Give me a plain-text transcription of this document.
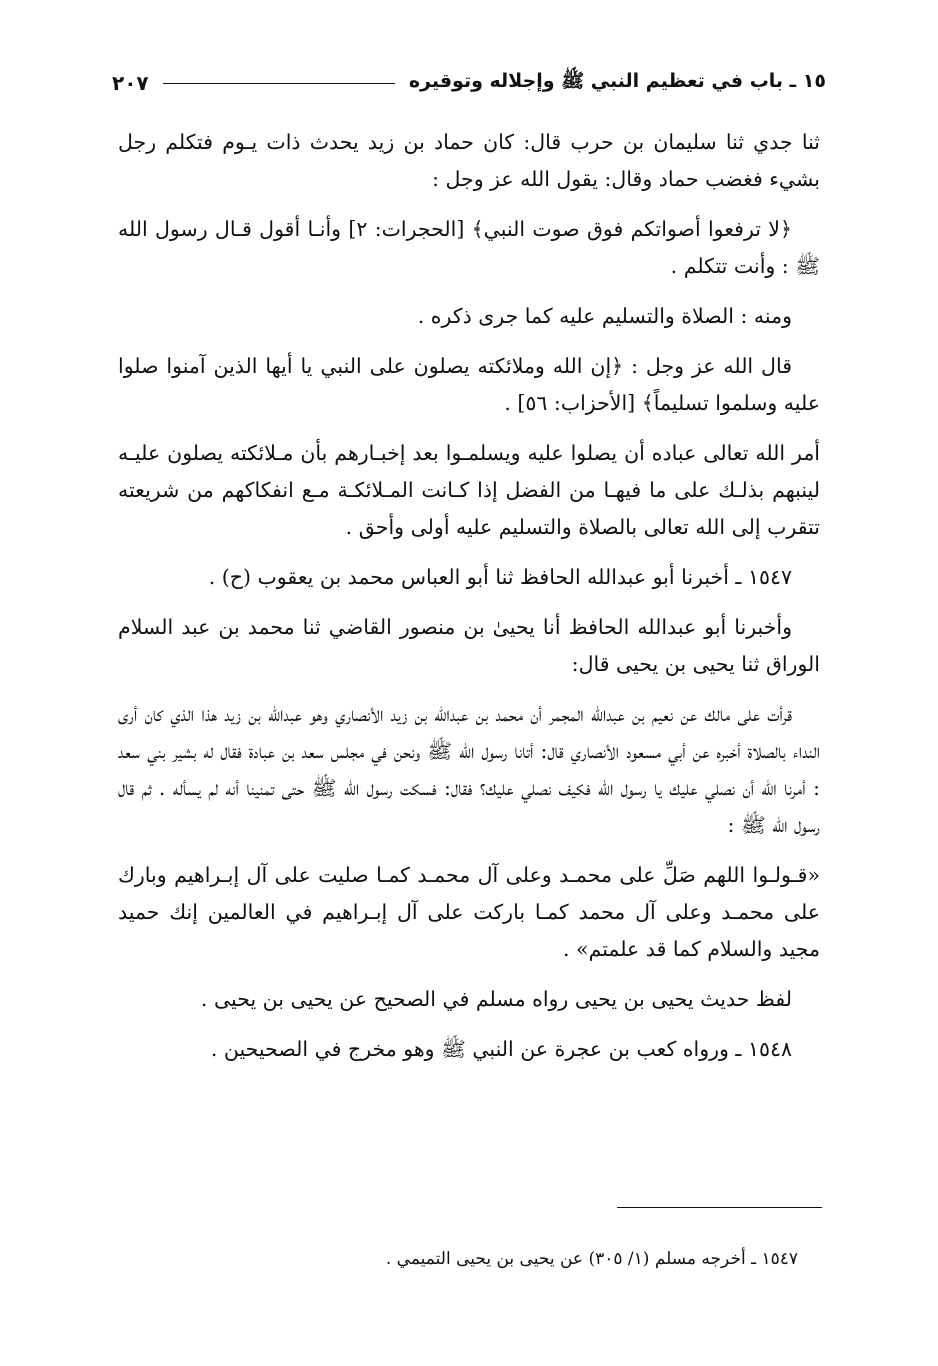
١٥ ـ باب في تعظيم النبي ﷺ وإجلاله وتوقيره
٢٠٧

ثنا جدي ثنا سليمان بن حرب قال: كان حماد بن زيد يحدث ذات يـوم فتكلم رجل بشيء فغضب حماد وقال: يقول الله عز وجل :

﴿لا ترفعوا أصواتكم فوق صوت النبي﴾ [الحجرات: ٢] وأنـا أقول قـال رسول الله ﷺ : وأنت تتكلم .

ومنه : الصلاة والتسليم عليه كما جرى ذكره .

قال الله عز وجل : ﴿إن الله وملائكته يصلون على النبي يا أيها الذين آمنوا صلوا عليه وسلموا تسليماً﴾ [الأحزاب: ٥٦] .

أمر الله تعالى عباده أن يصلوا عليه ويسلمـوا بعد إخبـارهم بأن مـلائكته يصلون عليـه لينبهم بذلـك على ما فيهـا من الفضل إذا كـانت المـلائكـة مـع انفكاكهم من شريعته تتقرب إلى الله تعالى بالصلاة والتسليم عليه أولى وأحق .

١٥٤٧ ـ أخبرنا أبو عبدالله الحافظ ثنا أبو العباس محمد بن يعقوب (ح) .

وأخبرنا أبو عبدالله الحافظ أنا يحيىٰ بن منصور القاضي ثنا محمد بن عبد السلام الوراق ثنا يحيى بن يحيى قال:

قرأت على مالك عن نعيم بن عبدالله المجمر أن محمد بن عبدالله بن زيد الأنصاري وهو عبدالله بن زيد هذا الذي كان أرى النداء بالصلاة أخبره عن أبي مسعود الأنصاري قال: أتانا رسول الله ﷺ ونحن في مجلس سعد بن عبادة فقال له بشير بني سعد : أمرنا الله أن نصلي عليك يا رسول الله فكيف نصلي عليك؟ فقال: فسكت رسول الله ﷺ حتى تمنينا أنه لم يسأله . ثم قال رسول الله ﷺ :

«قـولـوا اللهم صَلِّ على محمـد وعلى آل محمـد كمـا صليت على آل إبـراهيم وبارك على محمـد وعلى آل محمد كمـا باركت على آل إبـراهيم في العالمين إنك حميد مجيد والسلام كما قد علمتم» .

لفظ حديث يحيى بن يحيى رواه مسلم في الصحيح عن يحيى بن يحيى .

١٥٤٨ ـ ورواه كعب بن عجرة عن النبي ﷺ وهو مخرج في الصحيحين .

١٥٤٧ ـ أخرجه مسلم (١/ ٣٠٥) عن يحيى بن يحيى التميمي .
